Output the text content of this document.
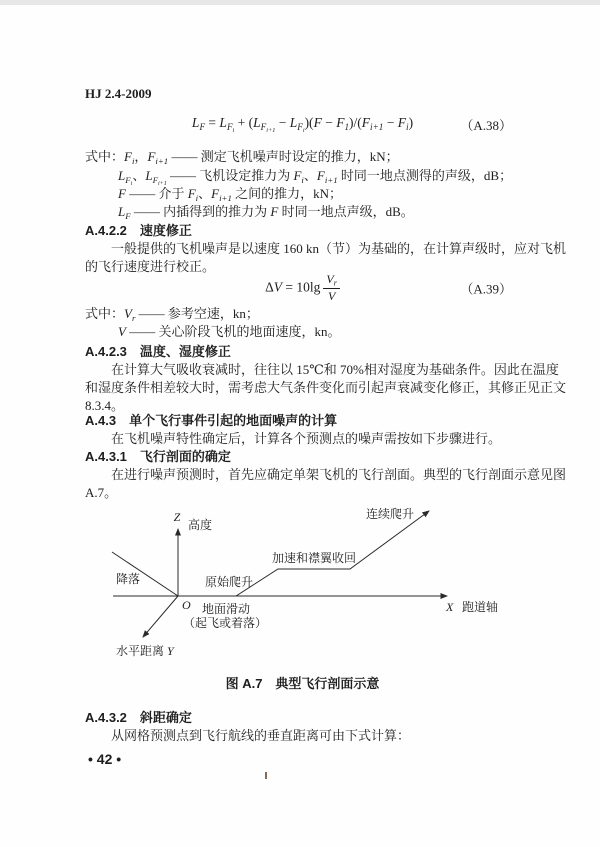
HJ 2.4-2009
$L_F = L_{F_i} + (L_{F_{i+1}} - L_{F_i})(F - F_1)/(F_{i+1} - F_i)$	（A.38）
式中：$F_i$，$F_{i+1}$ —— 测定飞机噪声时设定的推力，kN；
$L_{F_i}$、$L_{F_{i+1}}$ —— 飞机设定推力为 $F_i$、$F_{i+1}$ 时同一地点测得的声级，dB；
F —— 介于 $F_i$、$F_{i+1}$ 之间的推力，kN；
$L_F$ —— 内插得到的推力为 F 时同一地点声级，dB。
A.4.2.2　速度修正
一般提供的飞机噪声是以速度 160 kn（节）为基础的，在计算声级时，应对飞机
的飞行速度进行校正。
$\Delta V = 10\lg \frac{V_r}{V}$	（A.39）
式中：$V_r$ —— 参考空速，kn；
V —— 关心阶段飞机的地面速度，kn。
A.4.2.3　温度、湿度修正
在计算大气吸收衰减时，往往以 15℃和 70%相对湿度为基础条件。因此在温度
和湿度条件相差较大时，需考虑大气条件变化而引起声衰减变化修正，其修正见正文
8.3.4。
A.4.3　单个飞行事件引起的地面噪声的计算
在飞机噪声特性确定后，计算各个预测点的噪声需按如下步骤进行。
A.4.3.1　飞行剖面的确定
在进行噪声预测时，首先应确定单架飞机的飞行剖面。典型的飞行剖面示意见图
A.7。
Z
高度
降落	原始爬升
加速和襟翼收回
连续爬升
O 地面滑动
（起飞或着落）
X 跑道轴
水平距离 Y
图 A.7　典型飞行剖面示意
A.4.3.2　斜距确定
从网格预测点到飞行航线的垂直距离可由下式计算：
• 42 •
